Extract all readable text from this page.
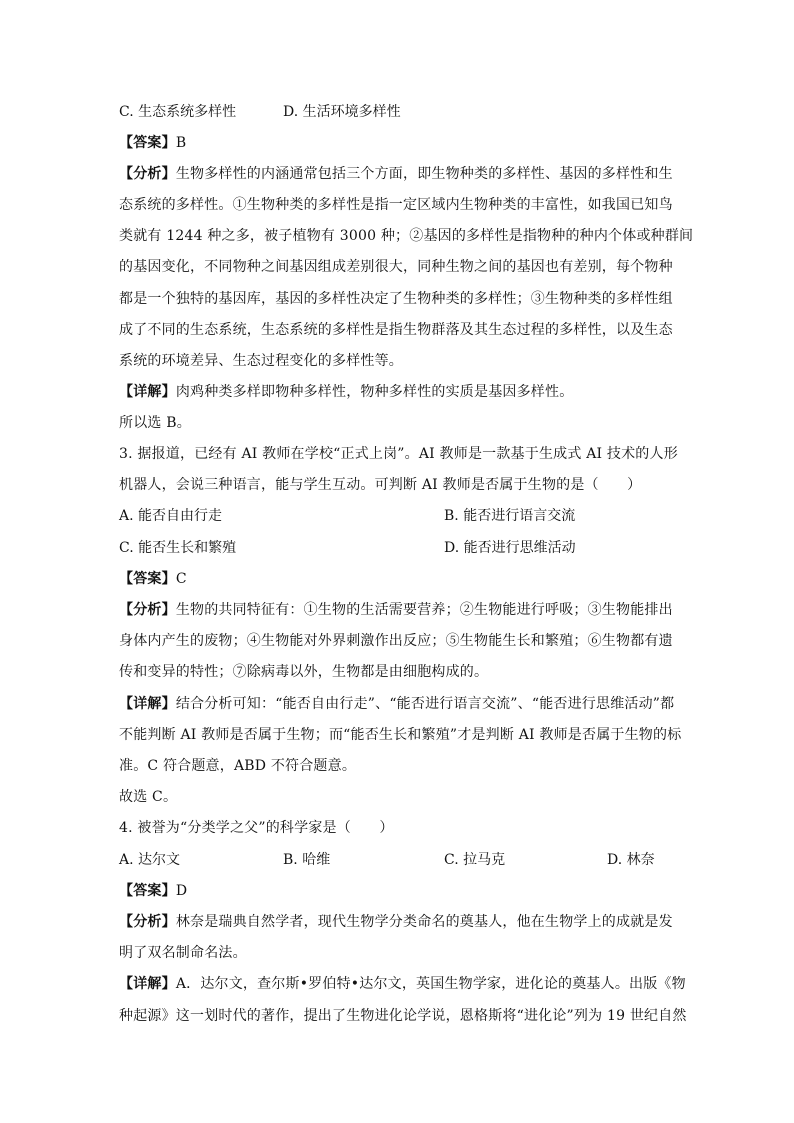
C. 生态系统多样性	D. 生活环境多样性
【答案】B
【分析】生物多样性的内涵通常包括三个方面，即生物种类的多样性、基因的多样性和生
态系统的多样性。①生物种类的多样性是指一定区域内生物种类的丰富性，如我国已知鸟
类就有 1244 种之多，被子植物有 3000 种；②基因的多样性是指物种的种内个体或种群间
的基因变化，不同物种之间基因组成差别很大，同种生物之间的基因也有差别，每个物种
都是一个独特的基因库，基因的多样性决定了生物种类的多样性；③生物种类的多样性组
成了不同的生态系统，生态系统的多样性是指生物群落及其生态过程的多样性，以及生态
系统的环境差异、生态过程变化的多样性等。
【详解】肉鸡种类多样即物种多样性，物种多样性的实质是基因多样性。
所以选 B。
3. 据报道，已经有 AI 教师在学校“正式上岗”。AI 教师是一款基于生成式 AI 技术的人形
机器人，会说三种语言，能与学生互动。可判断 AI 教师是否属于生物的是（　　）
A. 能否自由行走	B. 能否进行语言交流
C. 能否生长和繁殖	D. 能否进行思维活动
【答案】C
【分析】生物的共同特征有：①生物的生活需要营养；②生物能进行呼吸；③生物能排出
身体内产生的废物；④生物能对外界刺激作出反应；⑤生物能生长和繁殖；⑥生物都有遗
传和变异的特性；⑦除病毒以外，生物都是由细胞构成的。
【详解】结合分析可知：“能否自由行走”、“能否进行语言交流”、“能否进行思维活动”都
不能判断 AI 教师是否属于生物；而“能否生长和繁殖”才是判断 AI 教师是否属于生物的标
准。C 符合题意，ABD 不符合题意。
故选 C。
4. 被誉为“分类学之父”的科学家是（　　）
A. 达尔文	B. 哈维	C. 拉马克	D. 林奈
【答案】D
【分析】林奈是瑞典自然学者，现代生物学分类命名的奠基人，他在生物学上的成就是发
明了双名制命名法。
【详解】A．达尔文，查尔斯•罗伯特•达尔文，英国生物学家，进化论的奠基人。出版《物
种起源》这一划时代的著作，提出了生物进化论学说，恩格斯将“进化论”列为 19 世纪自然
